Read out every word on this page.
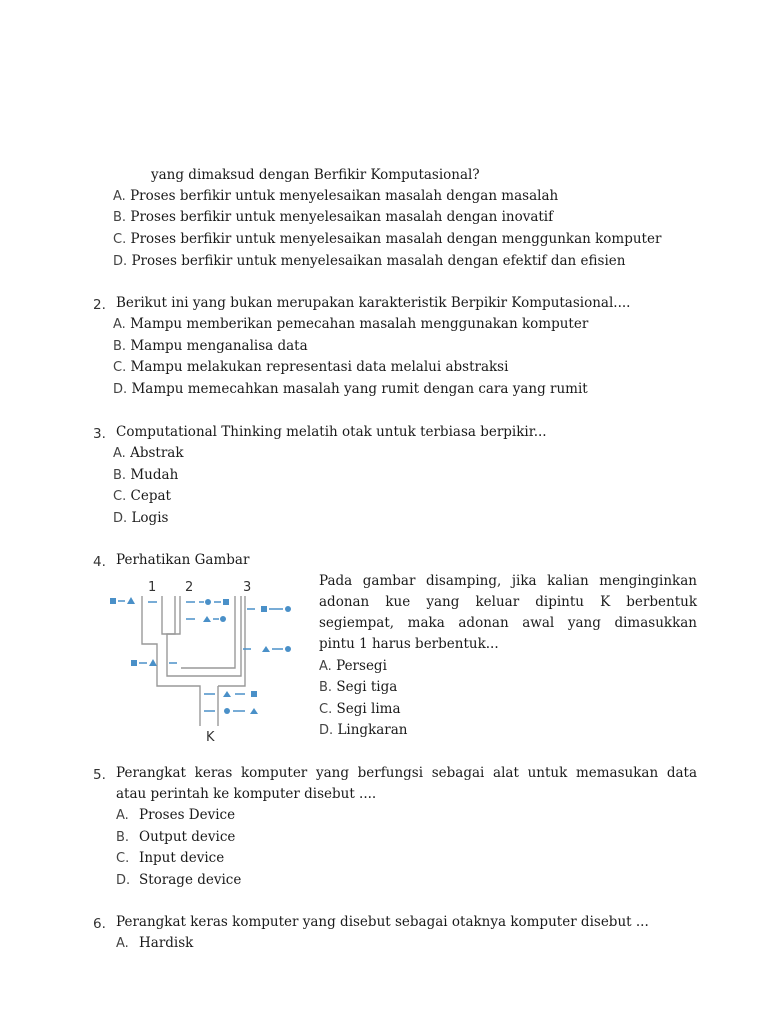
yang dimaksud dengan Berfikir Komputasional?
A. Proses berfikir untuk menyelesaikan masalah dengan masalah
B. Proses berfikir untuk menyelesaikan masalah dengan inovatif
C. Proses berfikir untuk menyelesaikan masalah dengan menggunkan komputer
D. Proses berfikir untuk menyelesaikan masalah dengan efektif dan efisien
2. Berikut ini yang bukan merupakan karakteristik Berpikir Komputasional....
A. Mampu memberikan pemecahan masalah menggunakan komputer
B. Mampu menganalisa data
C. Mampu melakukan representasi data melalui abstraksi
D. Mampu memecahkan masalah yang rumit dengan cara yang rumit
3. Computational Thinking melatih otak untuk terbiasa berpikir...
A. Abstrak
B. Mudah
C. Cepat
D. Logis
4. Perhatikan Gambar
1 2	3
K
Pada gambar disamping, jika kalian menginginkan
adonan kue yang keluar dipintu K berbentuk
segiempat, maka adonan awal yang dimasukkan
pintu 1 harus berbentuk...
A. Persegi
B. Segi tiga
C. Segi lima
D. Lingkaran
5. Perangkat keras komputer yang berfungsi sebagai alat untuk memasukan data
atau perintah ke komputer disebut ....
A. Proses Device
B. Output device
C. Input device
D. Storage device
6. Perangkat keras komputer yang disebut sebagai otaknya komputer disebut ...
A. Hardisk
